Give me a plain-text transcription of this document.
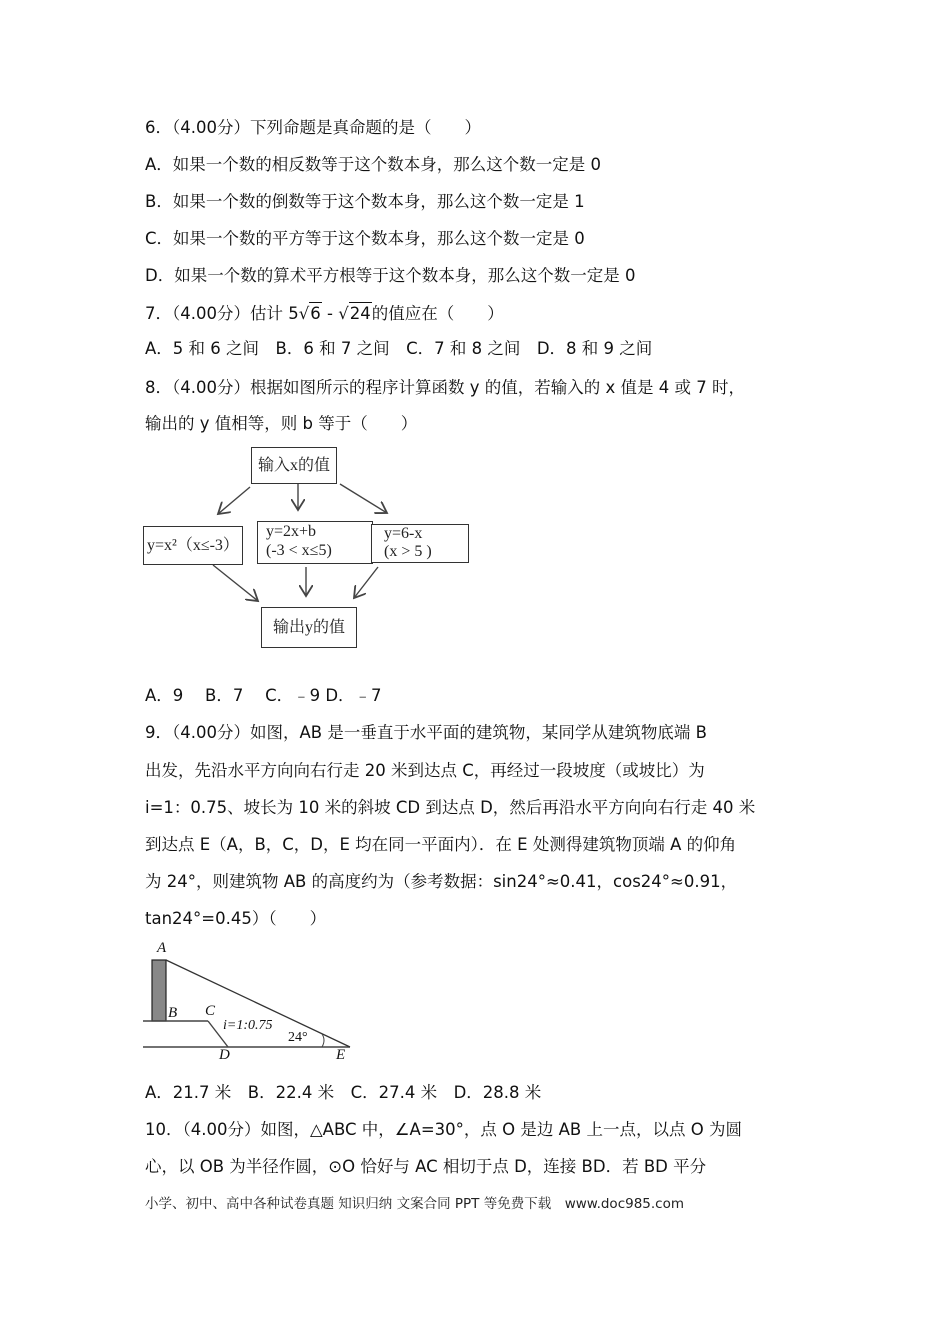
6．（4.00分）下列命题是真命题的是（　　）
A．如果一个数的相反数等于这个数本身，那么这个数一定是 0
B．如果一个数的倒数等于这个数本身，那么这个数一定是 1
C．如果一个数的平方等于这个数本身，那么这个数一定是 0
D．如果一个数的算术平方根等于这个数本身，那么这个数一定是 0
7．（4.00分）估计 5√6 - √24的值应在（　　）
A．5 和 6 之间　B．6 和 7 之间　C．7 和 8 之间　D．8 和 9 之间
8．（4.00分）根据如图所示的程序计算函数 y 的值，若输入的 x 值是 4 或 7 时，
输出的 y 值相等，则 b 等于（　　）
输入x的值
y=x²（x≤-3）
y=2x+b
(-3 < x≤5)
y=6-x
(x > 5 )
输出y的值
A．9　 B．7　 C．﹣9 D．﹣7
9．（4.00分）如图，AB 是一垂直于水平面的建筑物，某同学从建筑物底端 B
出发，先沿水平方向向右行走 20 米到达点 C，再经过一段坡度（或坡比）为
i=1：0.75、坡长为 10 米的斜坡 CD 到达点 D，然后再沿水平方向向右行走 40 米
到达点 E（A，B，C，D，E 均在同一平面内）．在 E 处测得建筑物顶端 A 的仰角
为 24°，则建筑物 AB 的高度约为（参考数据：sin24°≈0.41，cos24°≈0.91，
tan24°=0.45）（　　）
A
B C
D	E
i=1:0.75
24°
A．21.7 米　B．22.4 米　C．27.4 米　D．28.8 米
10．（4.00分）如图，△ABC 中，∠A=30°，点 O 是边 AB 上一点，以点 O 为圆
心，以 OB 为半径作圆，⊙O 恰好与 AC 相切于点 D，连接 BD．若 BD 平分
小学、初中、高中各种试卷真题 知识归纳 文案合同 PPT 等免费下载　www.doc985.com
